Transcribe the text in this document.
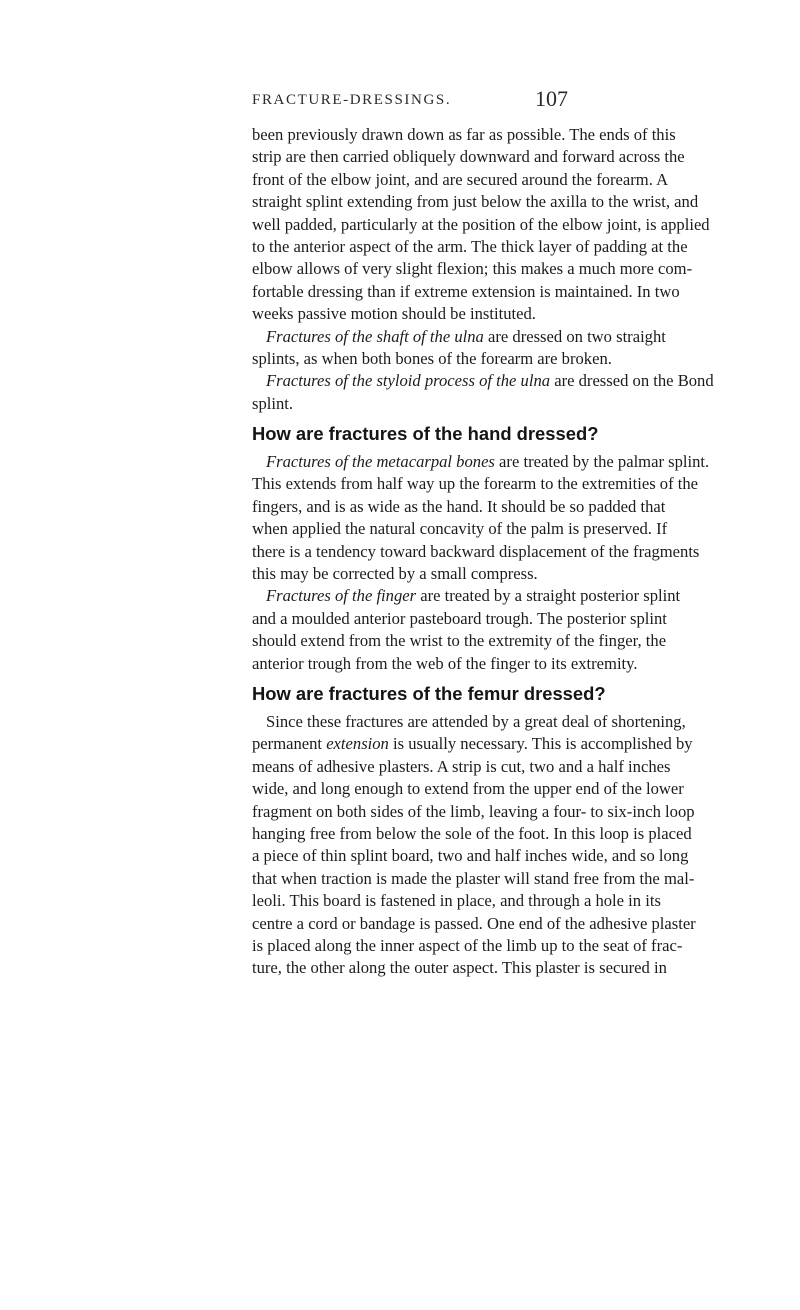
FRACTURE-DRESSINGS.	107
been previously drawn down as far as possible. The ends of this
strip are then carried obliquely downward and forward across the
front of the elbow joint, and are secured around the forearm. A
straight splint extending from just below the axilla to the wrist, and
well padded, particularly at the position of the elbow joint, is applied
to the anterior aspect of the arm. The thick layer of padding at the
elbow allows of very slight flexion; this makes a much more com-
fortable dressing than if extreme extension is maintained. In two
weeks passive motion should be instituted.
Fractures of the shaft of the ulna are dressed on two straight
splints, as when both bones of the forearm are broken.
Fractures of the styloid process of the ulna are dressed on the Bond
splint.
How are fractures of the hand dressed?
Fractures of the metacarpal bones are treated by the palmar splint.
This extends from half way up the forearm to the extremities of the
fingers, and is as wide as the hand. It should be so padded that
when applied the natural concavity of the palm is preserved. If
there is a tendency toward backward displacement of the fragments
this may be corrected by a small compress.
Fractures of the finger are treated by a straight posterior splint
and a moulded anterior pasteboard trough. The posterior splint
should extend from the wrist to the extremity of the finger, the
anterior trough from the web of the finger to its extremity.
How are fractures of the femur dressed?
Since these fractures are attended by a great deal of shortening,
permanent extension is usually necessary. This is accomplished by
means of adhesive plasters. A strip is cut, two and a half inches
wide, and long enough to extend from the upper end of the lower
fragment on both sides of the limb, leaving a four- to six-inch loop
hanging free from below the sole of the foot. In this loop is placed
a piece of thin splint board, two and half inches wide, and so long
that when traction is made the plaster will stand free from the mal-
leoli. This board is fastened in place, and through a hole in its
centre a cord or bandage is passed. One end of the adhesive plaster
is placed along the inner aspect of the limb up to the seat of frac-
ture, the other along the outer aspect. This plaster is secured in
